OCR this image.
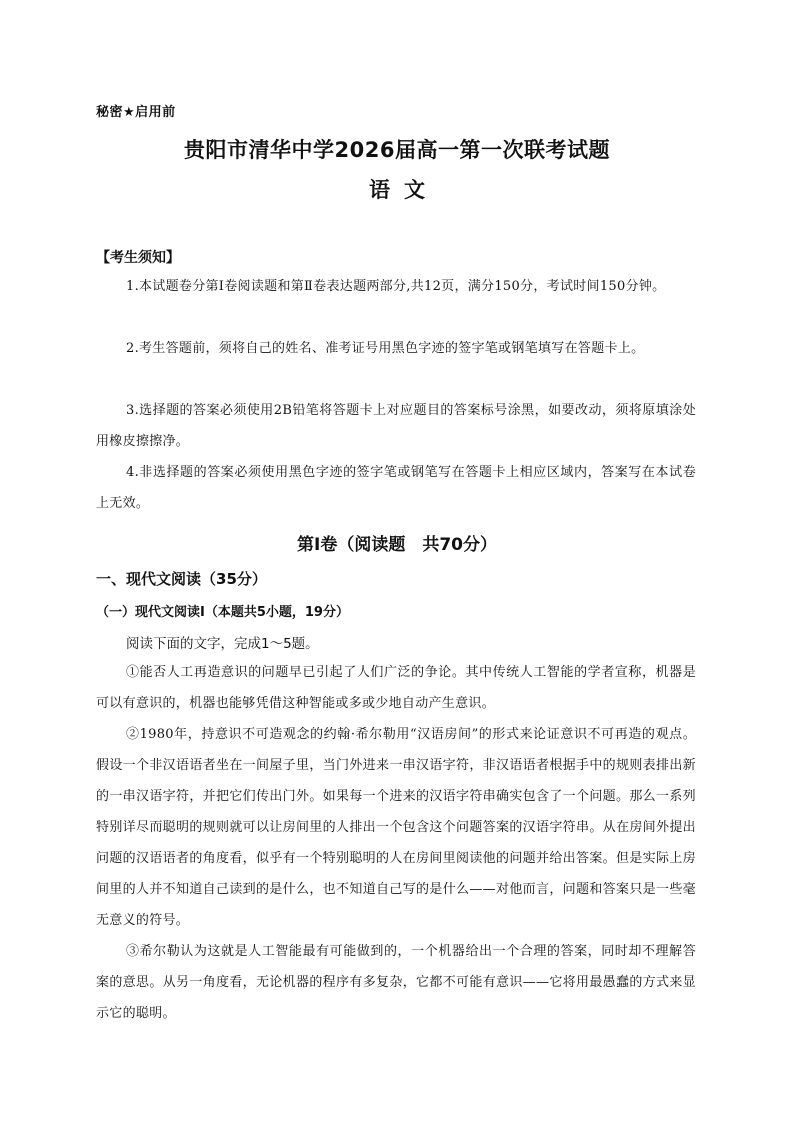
秘密★启用前
贵阳市清华中学2026届高一第一次联考试题
语文
【考生须知】

1.本试题卷分第Ⅰ卷阅读题和第Ⅱ卷表达题两部分,共12页，满分150分，考试时间150分钟。

2.考生答题前，须将自己的姓名、准考证号用黑色字迹的签字笔或钢笔填写在答题卡上。

3.选择题的答案必须使用2B铅笔将答题卡上对应题目的答案标号涂黑，如要改动，须将原填涂处用橡皮擦擦净。

4.非选择题的答案必须使用黑色字迹的签字笔或钢笔写在答题卡上相应区域内，答案写在本试卷上无效。

第Ⅰ卷（阅读题　共70分）
一、现代文阅读（35分）
（一）现代文阅读Ⅰ（本题共5小题，19分）
阅读下面的文字，完成1～5题。

①能否人工再造意识的问题早已引起了人们广泛的争论。其中传统人工智能的学者宣称，机器是可以有意识的，机器也能够凭借这种智能或多或少地自动产生意识。

②1980年，持意识不可造观念的约翰·希尔勒用“汉语房间”的形式来论证意识不可再造的观点。假设一个非汉语语者坐在一间屋子里，当门外进来一串汉语字符，非汉语语者根据手中的规则表排出新的一串汉语字符，并把它们传出门外。如果每一个进来的汉语字符串确实包含了一个问题。那么一系列特别详尽而聪明的规则就可以让房间里的人排出一个包含这个问题答案的汉语字符串。从在房间外提出问题的汉语语者的角度看，似乎有一个特别聪明的人在房间里阅读他的问题并给出答案。但是实际上房间里的人并不知道自己读到的是什么，也不知道自己写的是什么——对他而言，问题和答案只是一些毫无意义的符号。

③希尔勒认为这就是人工智能最有可能做到的，一个机器给出一个合理的答案，同时却不理解答案的意思。从另一角度看，无论机器的程序有多复杂，它都不可能有意识——它将用最愚蠢的方式来显示它的聪明。
